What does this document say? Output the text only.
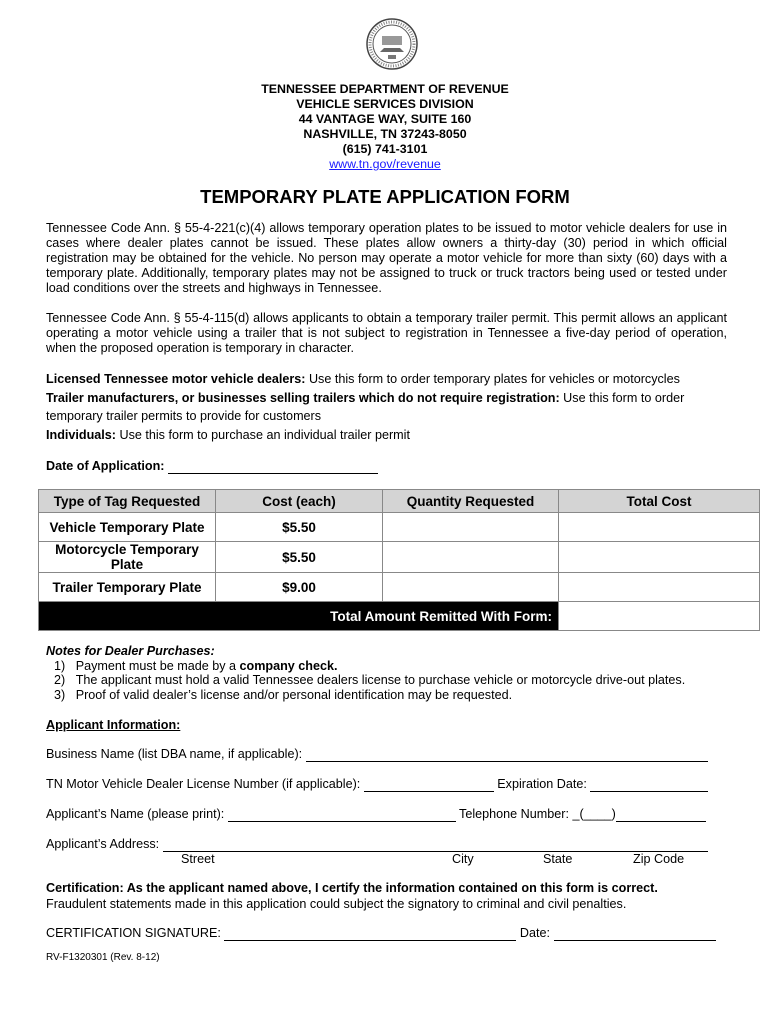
TENNESSEE DEPARTMENT OF REVENUE
VEHICLE SERVICES DIVISION
44 VANTAGE WAY, SUITE 160
NASHVILLE, TN 37243-8050
(615) 741-3101
www.tn.gov/revenue
TEMPORARY PLATE APPLICATION FORM
Tennessee Code Ann. § 55-4-221(c)(4) allows temporary operation plates to be issued to motor vehicle dealers for use in cases where dealer plates cannot be issued. These plates allow owners a thirty-day (30) period in which official registration may be obtained for the vehicle. No person may operate a motor vehicle for more than sixty (60) days with a temporary plate. Additionally, temporary plates may not be assigned to truck or truck tractors being used or tested under load conditions over the streets and highways in Tennessee.
Tennessee Code Ann. § 55-4-115(d) allows applicants to obtain a temporary trailer permit. This permit allows an applicant operating a motor vehicle using a trailer that is not subject to registration in Tennessee a five-day period of operation, when the proposed operation is temporary in character.
Licensed Tennessee motor vehicle dealers: Use this form to order temporary plates for vehicles or motorcycles
Trailer manufacturers, or businesses selling trailers which do not require registration: Use this form to order temporary trailer permits to provide for customers
Individuals: Use this form to purchase an individual trailer permit
Date of Application:
Type of Tag Requested	Cost (each)	Quantity Requested	Total Cost
Vehicle Temporary Plate	$5.50		
Motorcycle Temporary Plate	$5.50		
Trailer Temporary Plate	$9.00		
Total Amount Remitted With Form:	
Notes for Dealer Purchases:
1) Payment must be made by a company check.
2) The applicant must hold a valid Tennessee dealers license to purchase vehicle or motorcycle drive-out plates.
3) Proof of valid dealer’s license and/or personal identification may be requested.
Applicant Information:
Business Name (list DBA name, if applicable):
TN Motor Vehicle Dealer License Number (if applicable):	Expiration Date:
Applicant’s Name (please print):	Telephone Number: _(____)
Applicant’s Address:
Street	City	State	Zip Code
Certification: As the applicant named above, I certify the information contained on this form is correct.
Fraudulent statements made in this application could subject the signatory to criminal and civil penalties.
CERTIFICATION SIGNATURE:	Date:
RV-F1320301 (Rev. 8-12)
